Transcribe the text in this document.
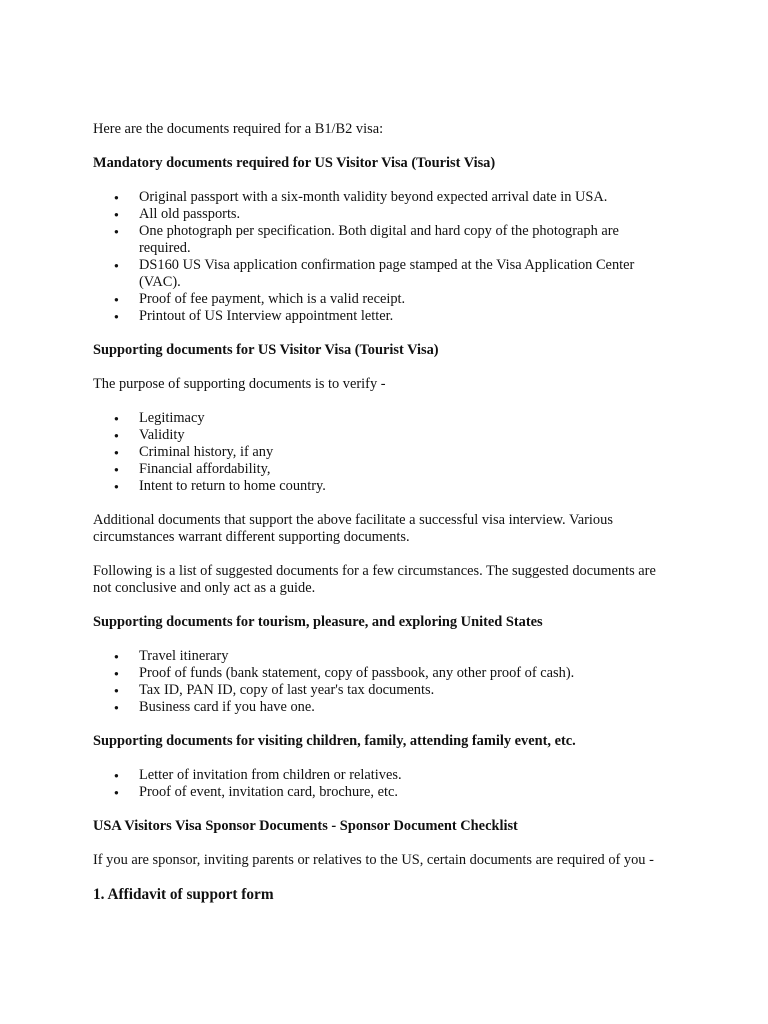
Here are the documents required for a B1/B2 visa:

Mandatory documents required for US Visitor Visa (Tourist Visa)
● Original passport with a six-month validity beyond expected arrival date in USA.
● All old passports.
● One photograph per specification. Both digital and hard copy of the photograph are required.
● DS160 US Visa application confirmation page stamped at the Visa Application Center (VAC).
● Proof of fee payment, which is a valid receipt.
● Printout of US Interview appointment letter.
Supporting documents for US Visitor Visa (Tourist Visa)

The purpose of supporting documents is to verify -

● Legitimacy
● Validity
● Criminal history, if any
● Financial affordability,
● Intent to return to home country.

Additional documents that support the above facilitate a successful visa interview. Various circumstances warrant different supporting documents.

Following is a list of suggested documents for a few circumstances. The suggested documents are not conclusive and only act as a guide.

Supporting documents for tourism, pleasure, and exploring United States
● Travel itinerary
● Proof of funds (bank statement, copy of passbook, any other proof of cash).
● Tax ID, PAN ID, copy of last year's tax documents.
● Business card if you have one.
Supporting documents for visiting children, family, attending family event, etc.
● Letter of invitation from children or relatives.
● Proof of event, invitation card, brochure, etc.
USA Visitors Visa Sponsor Documents - Sponsor Document Checklist

If you are sponsor, inviting parents or relatives to the US, certain documents are required of you -

1. Affidavit of support form
